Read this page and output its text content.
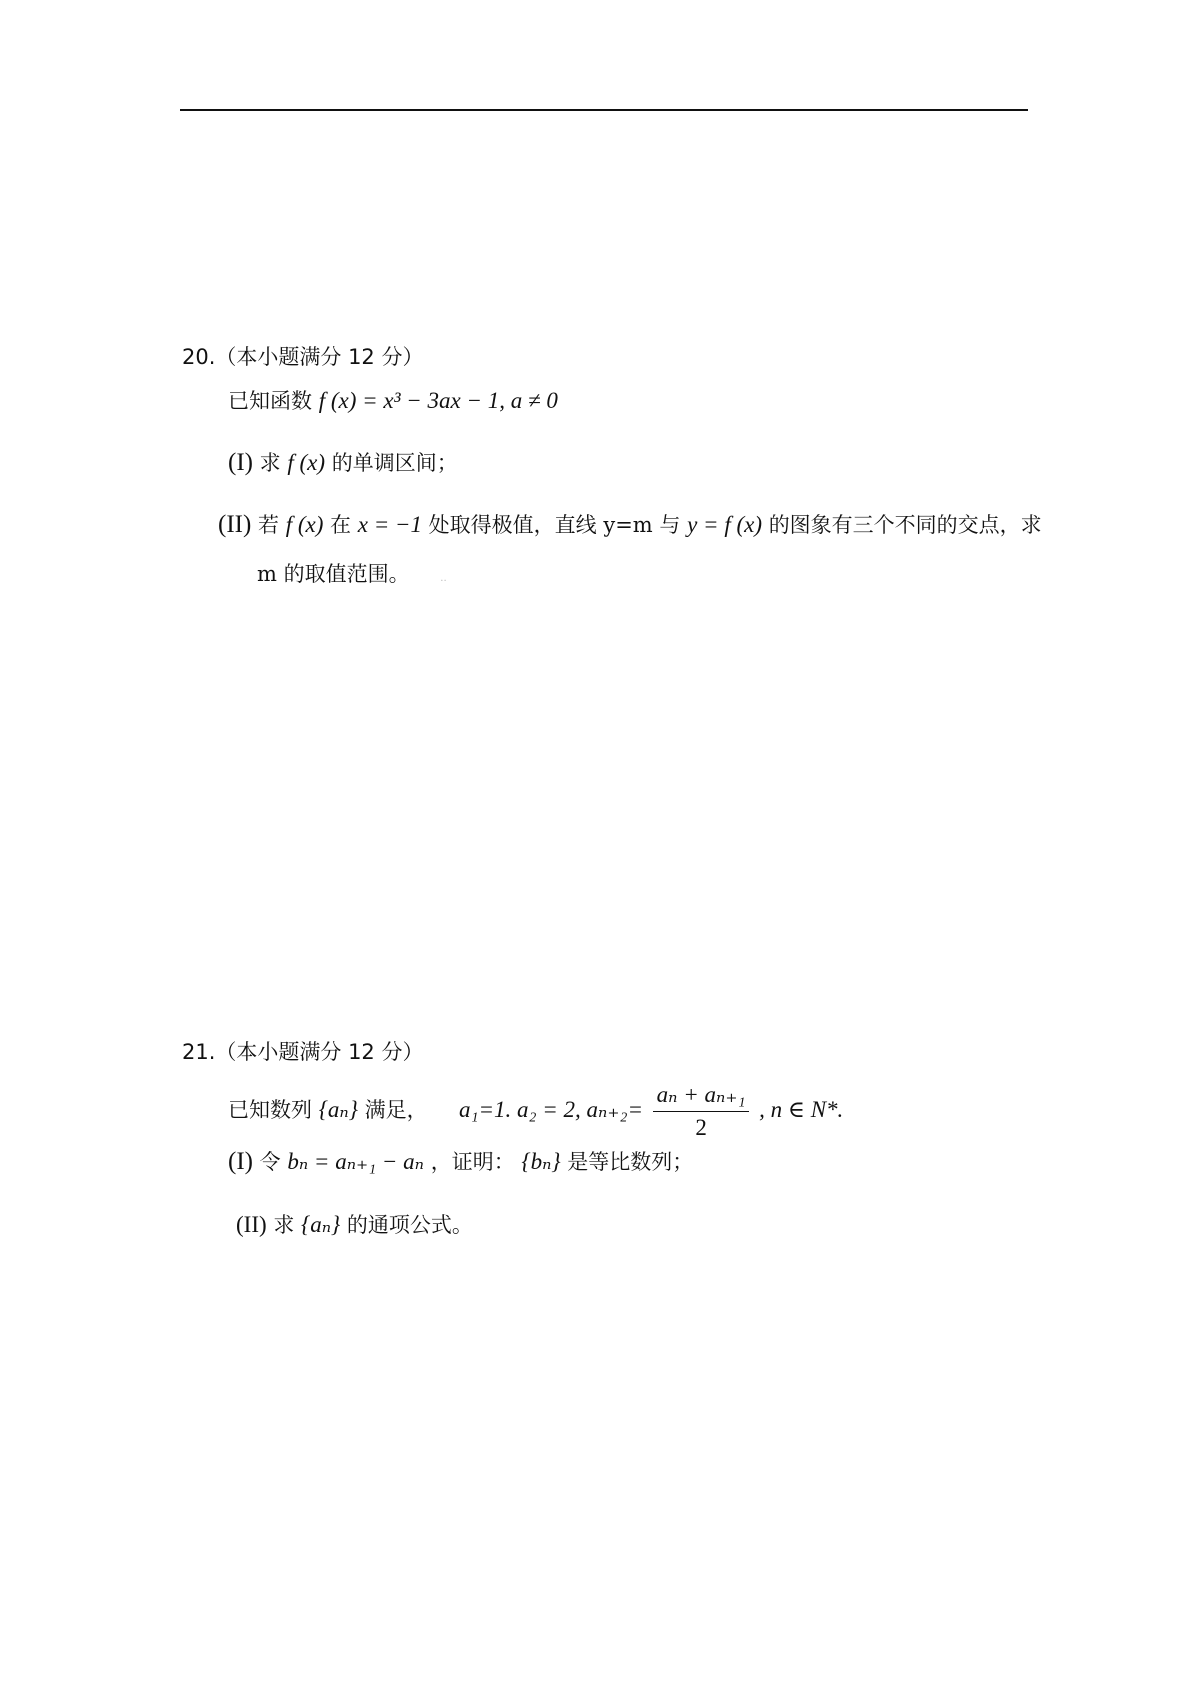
20.（本小题满分 12 分）
已知函数 f (x) = x³ − 3ax − 1, a ≠ 0
(I) 求 f (x) 的单调区间；
(II) 若 f (x) 在 x = −1 处取得极值，直线 y=m 与 y = f (x) 的图象有三个不同的交点，求
m 的取值范围。	..
21.（本小题满分 12 分）
已知数列 {aₙ} 满足， a₁=1. a₂ = 2, $a_{n+2}= \frac{\text{aₙ + aₙ₊₁}}{2}$ , n ∈ N*.
(I) 令 bₙ = aₙ₊₁ − aₙ ，证明： {bₙ} 是等比数列；
(II) 求 {aₙ} 的通项公式。
